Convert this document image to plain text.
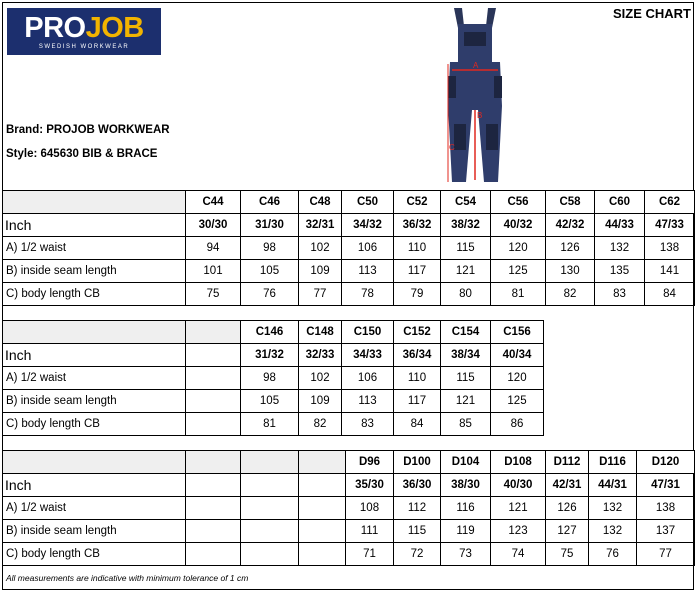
PROJOB
SWEDISH WORKWEAR
SIZE CHART
Brand: PROJOB WORKWEAR
Style: 645630 BIB & BRACE
A
B
C
	C44	C46	C48	C50	C52	C54	C56	C58	C60	C62
Inch	30/30	31/30	32/31	34/32	36/32	38/32	40/32	42/32	44/33	47/33
A) 1/2 waist	94	98	102	106	110	115	120	126	132	138
B) inside seam length	101	105	109	113	117	121	125	130	135	141
C) body length CB	75	76	77	78	79	80	81	82	83	84
		C146	C148	C150	C152	C154	C156
Inch		31/32	32/33	34/33	36/34	38/34	40/34
A) 1/2 waist		98	102	106	110	115	120
B) inside seam length		105	109	113	117	121	125
C) body length CB		81	82	83	84	85	86
				D96	D100	D104	D108	D112	D116	D120
Inch				35/30	36/30	38/30	40/30	42/31	44/31	47/31
A) 1/2 waist				108	112	116	121	126	132	138
B) inside seam length				111	115	119	123	127	132	137
C) body length CB				71	72	73	74	75	76	77
All measurements are indicative with minimum tolerance of 1 cm
